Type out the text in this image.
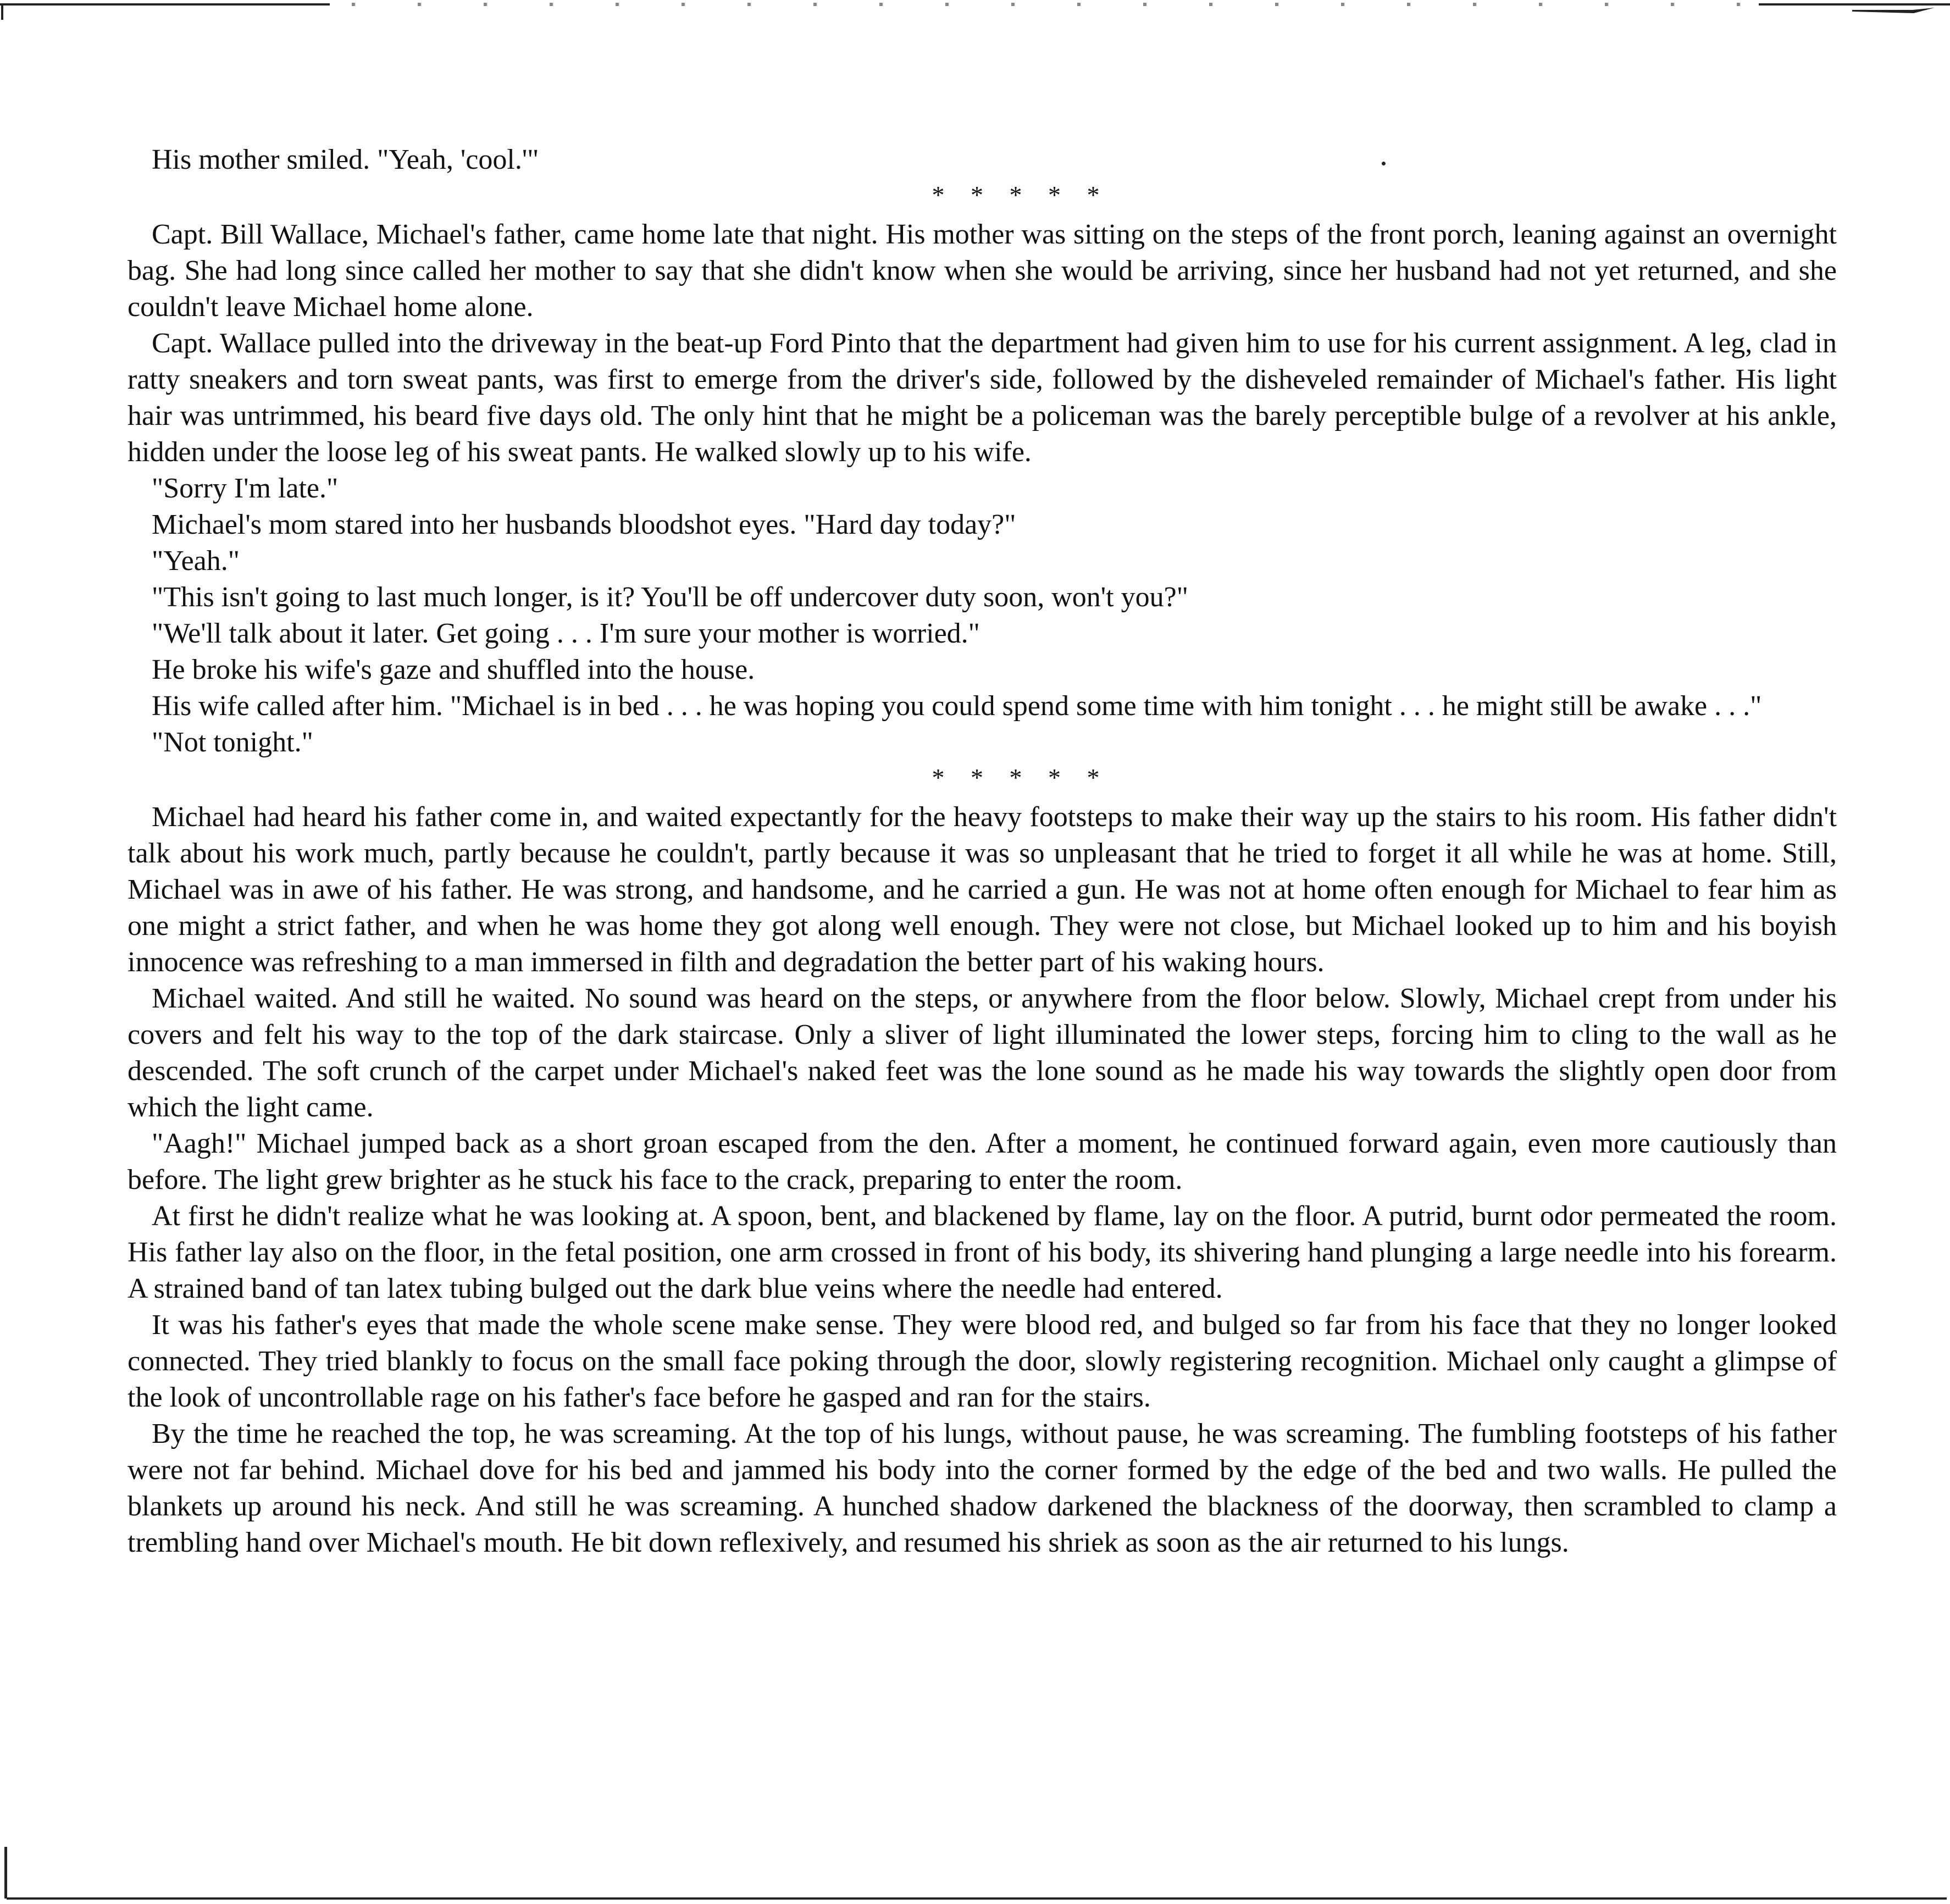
His mother smiled. "Yeah, 'cool.'"

* * * * *

Capt. Bill Wallace, Michael's father, came home late that night. His mother was sitting on the steps of the front porch, leaning against an overnight bag. She had long since called her mother to say that she didn't know when she would be arriving, since her husband had not yet returned, and she couldn't leave Michael home alone.

Capt. Wallace pulled into the driveway in the beat-up Ford Pinto that the department had given him to use for his current assignment. A leg, clad in ratty sneakers and torn sweat pants, was first to emerge from the driver's side, followed by the disheveled remainder of Michael's father. His light hair was untrimmed, his beard five days old. The only hint that he might be a policeman was the barely perceptible bulge of a revolver at his ankle, hidden under the loose leg of his sweat pants. He walked slowly up to his wife.

"Sorry I'm late."

Michael's mom stared into her husbands bloodshot eyes. "Hard day today?"

"Yeah."

"This isn't going to last much longer, is it? You'll be off undercover duty soon, won't you?"

"We'll talk about it later. Get going . . . I'm sure your mother is worried."

He broke his wife's gaze and shuffled into the house.

His wife called after him. "Michael is in bed . . . he was hoping you could spend some time with him tonight . . . he might still be awake . . ."

"Not tonight."

* * * * *

Michael had heard his father come in, and waited expectantly for the heavy footsteps to make their way up the stairs to his room. His father didn't talk about his work much, partly because he couldn't, partly because it was so unpleasant that he tried to forget it all while he was at home. Still, Michael was in awe of his father. He was strong, and handsome, and he carried a gun. He was not at home often enough for Michael to fear him as one might a strict father, and when he was home they got along well enough. They were not close, but Michael looked up to him and his boyish innocence was refreshing to a man immersed in filth and degradation the better part of his waking hours.

Michael waited. And still he waited. No sound was heard on the steps, or anywhere from the floor below. Slowly, Michael crept from under his covers and felt his way to the top of the dark staircase. Only a sliver of light illuminated the lower steps, forcing him to cling to the wall as he descended. The soft crunch of the carpet under Michael's naked feet was the lone sound as he made his way towards the slightly open door from which the light came.

"Aagh!" Michael jumped back as a short groan escaped from the den. After a moment, he continued forward again, even more cautiously than before. The light grew brighter as he stuck his face to the crack, preparing to enter the room.

At first he didn't realize what he was looking at. A spoon, bent, and blackened by flame, lay on the floor. A putrid, burnt odor permeated the room. His father lay also on the floor, in the fetal position, one arm crossed in front of his body, its shivering hand plunging a large needle into his forearm. A strained band of tan latex tubing bulged out the dark blue veins where the needle had entered.

It was his father's eyes that made the whole scene make sense. They were blood red, and bulged so far from his face that they no longer looked connected. They tried blankly to focus on the small face poking through the door, slowly registering recognition. Michael only caught a glimpse of the look of uncontrollable rage on his father's face before he gasped and ran for the stairs.

By the time he reached the top, he was screaming. At the top of his lungs, without pause, he was screaming. The fumbling footsteps of his father were not far behind. Michael dove for his bed and jammed his body into the corner formed by the edge of the bed and two walls. He pulled the blankets up around his neck. And still he was screaming. A hunched shadow darkened the blackness of the doorway, then scrambled to clamp a trembling hand over Michael's mouth. He bit down reflexively, and resumed his shriek as soon as the air returned to his lungs.
